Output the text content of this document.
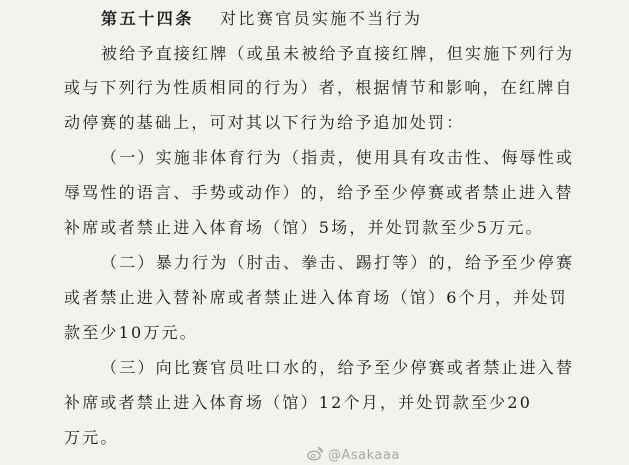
第五十四条 对比赛官员实施不当行为
被给予直接红牌（或虽未被给予直接红牌，但实施下列行为
或与下列行为性质相同的行为）者，根据情节和影响，在红牌自
动停赛的基础上，可对其以下行为给予追加处罚：
（一）实施非体育行为（指责，使用具有攻击性、侮辱性或
辱骂性的语言、手势或动作）的，给予至少停赛或者禁止进入替
补席或者禁止进入体育场（馆）5场，并处罚款至少5万元。
（二）暴力行为（肘击、拳击、踢打等）的，给予至少停赛
或者禁止进入替补席或者禁止进入体育场（馆）6个月，并处罚
款至少10万元。
（三）向比赛官员吐口水的，给予至少停赛或者禁止进入替
补席或者禁止进入体育场（馆）12个月，并处罚款至少20
万元。
@Asakaaa
